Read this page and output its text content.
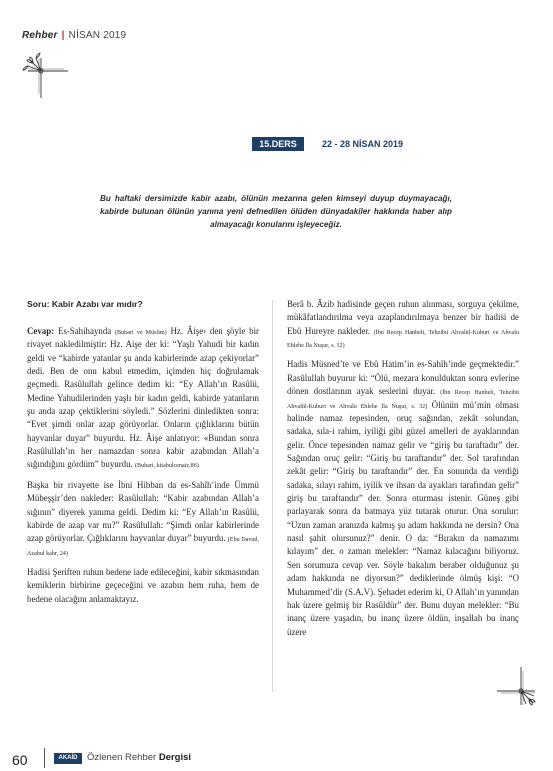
Rehber | NİSAN 2019
15.DERS	22 - 28 NİSAN 2019
Bu haftaki dersimizde kabir azabı, ölünün mezarına gelen kimseyi duyup duymayacağı, kabirde bulunan ölünün yanına yeni defnedilen ölüden dünyadakiler hakkında haber alıp almayacağı konularını işleyeceğiz.

Soru: Kabir Azabı var mıdır?

Cevap: Es-Sahihaynda (Buhari ve Müslim) Hz. Âişe› den şöyle bir rivayet nakledilmiştir: Hz. Aişe der ki: “Yaşlı Yahudi bir kadın geldi ve “kabirde yatanlar şu anda kabirlerinde azap çekiyorlar” dedi. Ben de onu kabul etmedim, içimden hiç doğrulamak geçmedi. Rasûlullah gelince dedim ki: “Ey Allah’ın Rasûlü, Medine Yahudilerinden yaşlı bir kadın geldi, kabirde yatanların şu anda azap çektiklerini söyledi.” Sözlerini dinledikten sonra: “Evet şimdi onlar azap görüyorlar. Onların çığlıklarını bütün hayvanlar duyar” buyurdu. Hz. Âişe anlatıyor: «Bundan sonra Rasûlullah’ın her namazdan sonra kabir azabından Allah’a sığındığını gördüm” buyurdu. (Buhari, kitabulcenaiz,86)

Başka bir rivayette ise İbni Hibban da es-Sahîh’inde Ümmü Mübeşşir’den nakleder: Rasûlullah: “Kabir azabından Allah’a sığının” diyerek yanıma geldi. Dedim ki: “Ey Allah’ın Rasûlü, kabirde de azap var mı?” Rasûlullah: “Şimdi onlar kabirlerinde azap görüyorlar. Çığlıklarını hayvanlar duyar” buyurdu. (Ebu Davud, Azabul kabr, 24)

Hadisi Şeriften ruhun bedene iade edileceğini, kabir sıkmasından kemiklerin birbirine geçeceğini ve azabın hem ruha, hem de bedene olacağını anlamaktayız.

Berâ b. Âzib hadisinde geçen ruhun alınması, sorguya çekilme, mükâfatlandırılma veya azaplandırılmaya benzer bir hadisi de Ebû Hureyre nakleder. (İbn Recep Hanbeli, Tehzibü Ahvalül-Kuburi ve Ahvalu Ehlehe İla Nuşur, s. 12)

Hadis Müsned’te ve Ebû Hatim’in es-Sahîh’inde geçmektedir.” Rasûlullah buyurur ki: “Ölü, mezara konulduktan sonra evlerine dönen dostlarının ayak seslerini duyar. (İbn Recep Hanbeli, Tehzibü Ahvalül-Kuburi ve Ahvalu Ehlehe İla Nuşur, s. 32) Ölünün mü’min olması halinde namaz tepesinden, oruç sağından, zekât solundan, sadaka, sıla-i rahim, iyiliği gibi güzel amelleri de ayaklarından gelir. Önce tepesinden namaz gelir ve “giriş bu taraftadır” der. Sağından oruç gelir: “Giriş bu taraftandır” der. Sol tarafından zekât gelir: “Giriş bu taraftandır” der. En sonunda da verdiği sadaka, sılayı rahim, iyilik ve ihsan da ayakları tarafından gelir” giriş bu taraftandır” der. Sonra oturması istenir. Güneş gibi parlayarak sonra da batmaya yüz tutarak oturur. Ona sorulur: “Uzun zaman aranızda kalmış şu adam hakkında ne dersin? Ona nasıl şahit olursunuz?” denir. O da: “Bırakın da namazımı kılayım” der. o zaman melekler: “Namaz kılacağını biliyoruz. Sen sorumuza cevap ver. Söyle bakalım beraber olduğunuz şu adam hakkında ne diyorsun?” dediklerinde ölmüş kişi: “O Muhammed’dir (S.A.V). Şehadet ederim ki, O Allah’ın yanından hak üzere gelmiş bir Rasûldür” der. Bunu duyan melekler: “Bu inanç üzere yaşadın, bu inanç üzere öldün, inşallah bu inanç üzere

60	AKAİD	Özlenen Rehber Dergisi
